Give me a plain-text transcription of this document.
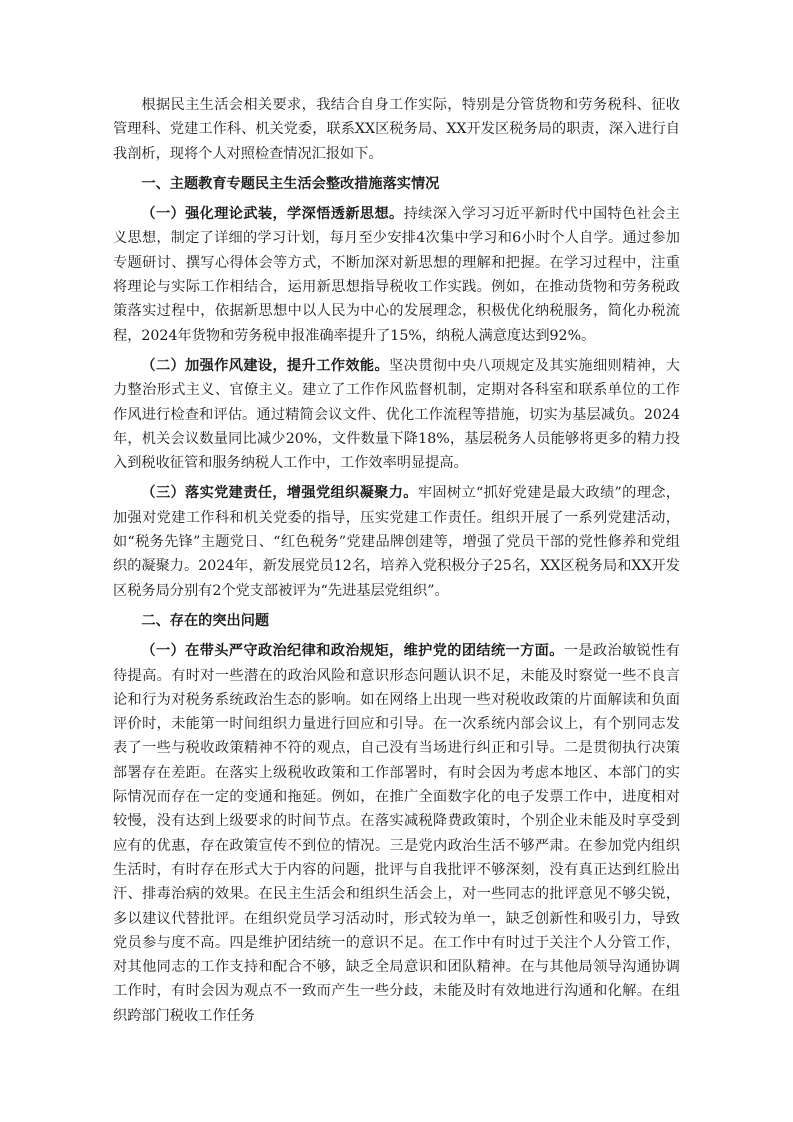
根据民主生活会相关要求，我结合自身工作实际，特别是分管货物和劳务税科、征收管理科、党建工作科、机关党委，联系XX区税务局、XX开发区税务局的职责，深入进行自我剖析，现将个人对照检查情况汇报如下。

一、主题教育专题民主生活会整改措施落实情况

（一）强化理论武装，学深悟透新思想。持续深入学习习近平新时代中国特色社会主义思想，制定了详细的学习计划，每月至少安排4次集中学习和6小时个人自学。通过参加专题研讨、撰写心得体会等方式，不断加深对新思想的理解和把握。在学习过程中，注重将理论与实际工作相结合，运用新思想指导税收工作实践。例如，在推动货物和劳务税政策落实过程中，依据新思想中以人民为中心的发展理念，积极优化纳税服务，简化办税流程，2024年货物和劳务税申报准确率提升了15%，纳税人满意度达到92%。

（二）加强作风建设，提升工作效能。坚决贯彻中央八项规定及其实施细则精神，大力整治形式主义、官僚主义。建立了工作作风监督机制，定期对各科室和联系单位的工作作风进行检查和评估。通过精简会议文件、优化工作流程等措施，切实为基层减负。2024年，机关会议数量同比减少20%，文件数量下降18%，基层税务人员能够将更多的精力投入到税收征管和服务纳税人工作中，工作效率明显提高。

（三）落实党建责任，增强党组织凝聚力。牢固树立“抓好党建是最大政绩”的理念，加强对党建工作科和机关党委的指导，压实党建工作责任。组织开展了一系列党建活动，如“税务先锋”主题党日、“红色税务”党建品牌创建等，增强了党员干部的党性修养和党组织的凝聚力。2024年，新发展党员12名，培养入党积极分子25名，XX区税务局和XX开发区税务局分别有2个党支部被评为“先进基层党组织”。

二、存在的突出问题

（一）在带头严守政治纪律和政治规矩，维护党的团结统一方面。一是政治敏锐性有待提高。有时对一些潜在的政治风险和意识形态问题认识不足，未能及时察觉一些不良言论和行为对税务系统政治生态的影响。如在网络上出现一些对税收政策的片面解读和负面评价时，未能第一时间组织力量进行回应和引导。在一次系统内部会议上，有个别同志发表了一些与税收政策精神不符的观点，自己没有当场进行纠正和引导。二是贯彻执行决策部署存在差距。在落实上级税收政策和工作部署时，有时会因为考虑本地区、本部门的实际情况而存在一定的变通和拖延。例如，在推广全面数字化的电子发票工作中，进度相对较慢，没有达到上级要求的时间节点。在落实减税降费政策时，个别企业未能及时享受到应有的优惠，存在政策宣传不到位的情况。三是党内政治生活不够严肃。在参加党内组织生活时，有时存在形式大于内容的问题，批评与自我批评不够深刻，没有真正达到红脸出汗、排毒治病的效果。在民主生活会和组织生活会上，对一些同志的批评意见不够尖锐，多以建议代替批评。在组织党员学习活动时，形式较为单一，缺乏创新性和吸引力，导致党员参与度不高。四是维护团结统一的意识不足。在工作中有时过于关注个人分管工作，对其他同志的工作支持和配合不够，缺乏全局意识和团队精神。在与其他局领导沟通协调工作时，有时会因为观点不一致而产生一些分歧，未能及时有效地进行沟通和化解。在组织跨部门税收工作任务
